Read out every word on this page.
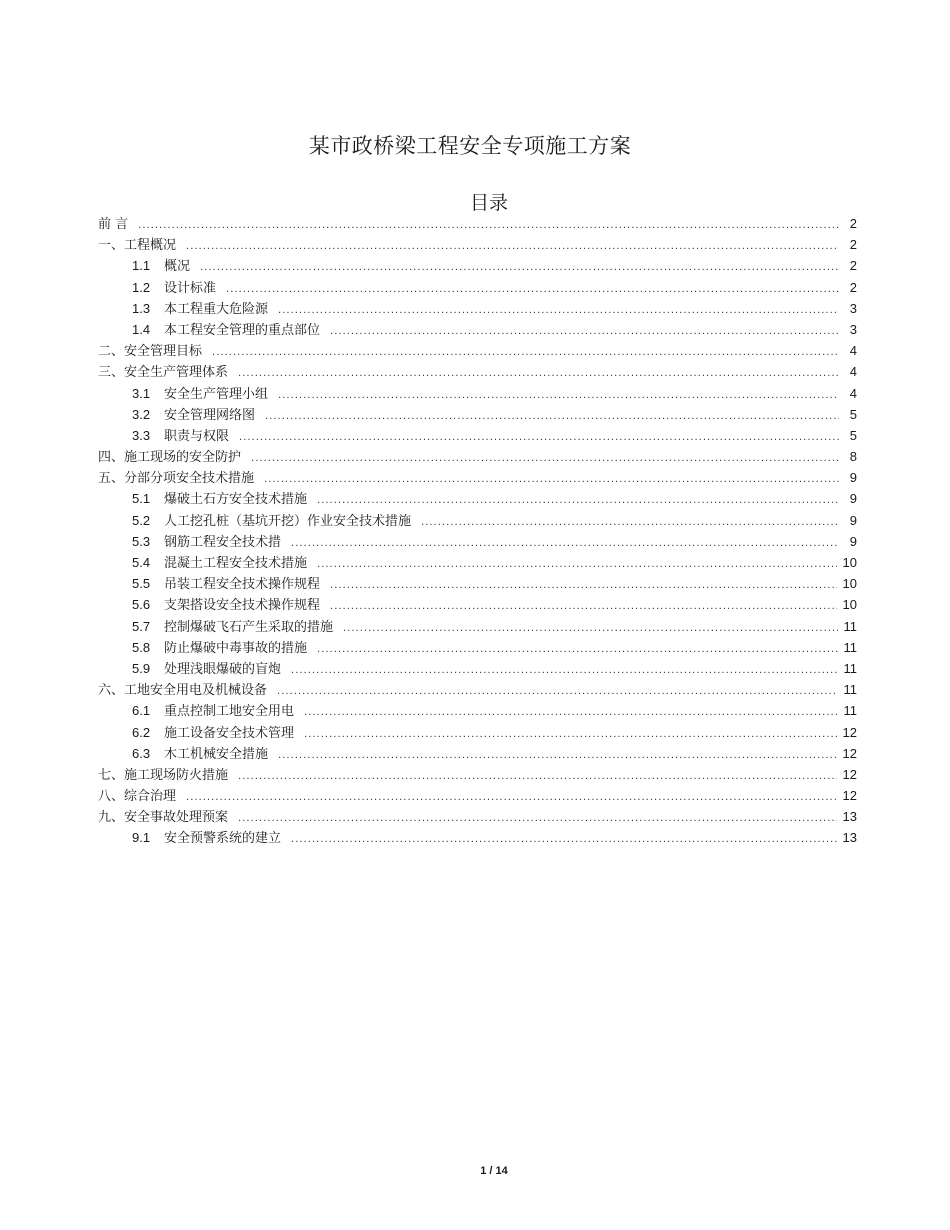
某市政桥梁工程安全专项施工方案
目录
前 言 .....	2
一、工程概况 .....	2
1.1	概况 .....	2
1.2	设计标准 .....	2
1.3	本工程重大危险源 .....	3
1.4	本工程安全管理的重点部位 .....	3
二、安全管理目标 .....	4
三、安全生产管理体系 .....	4
3.1	安全生产管理小组 .....	4
3.2	安全管理网络图 .....	5
3.3	职责与权限 .....	5
四、施工现场的安全防护 .....	8
五、分部分项安全技术措施 .....	9
5.1	爆破土石方安全技术措施 .....	9
5.2	人工挖孔桩（基坑开挖）作业安全技术措施 .....	9
5.3	钢筋工程安全技术措 .....	9
5.4	混凝土工程安全技术措施 .....	10
5.5	吊装工程安全技术操作规程 .....	10
5.6	支架搭设安全技术操作规程 .....	10
5.7	控制爆破飞石产生采取的措施 .....	11
5.8	防止爆破中毒事故的措施 .....	11
5.9	处理浅眼爆破的盲炮 .....	11
六、工地安全用电及机械设备 .....	11
6.1	重点控制工地安全用电 .....	11
6.2	施工设备安全技术管理 .....	12
6.3	木工机械安全措施 .....	12
七、施工现场防火措施 .....	12
八、综合治理 .....	12
九、安全事故处理预案 .....	13
9.1	安全预警系统的建立 .....	13
1 / 14
